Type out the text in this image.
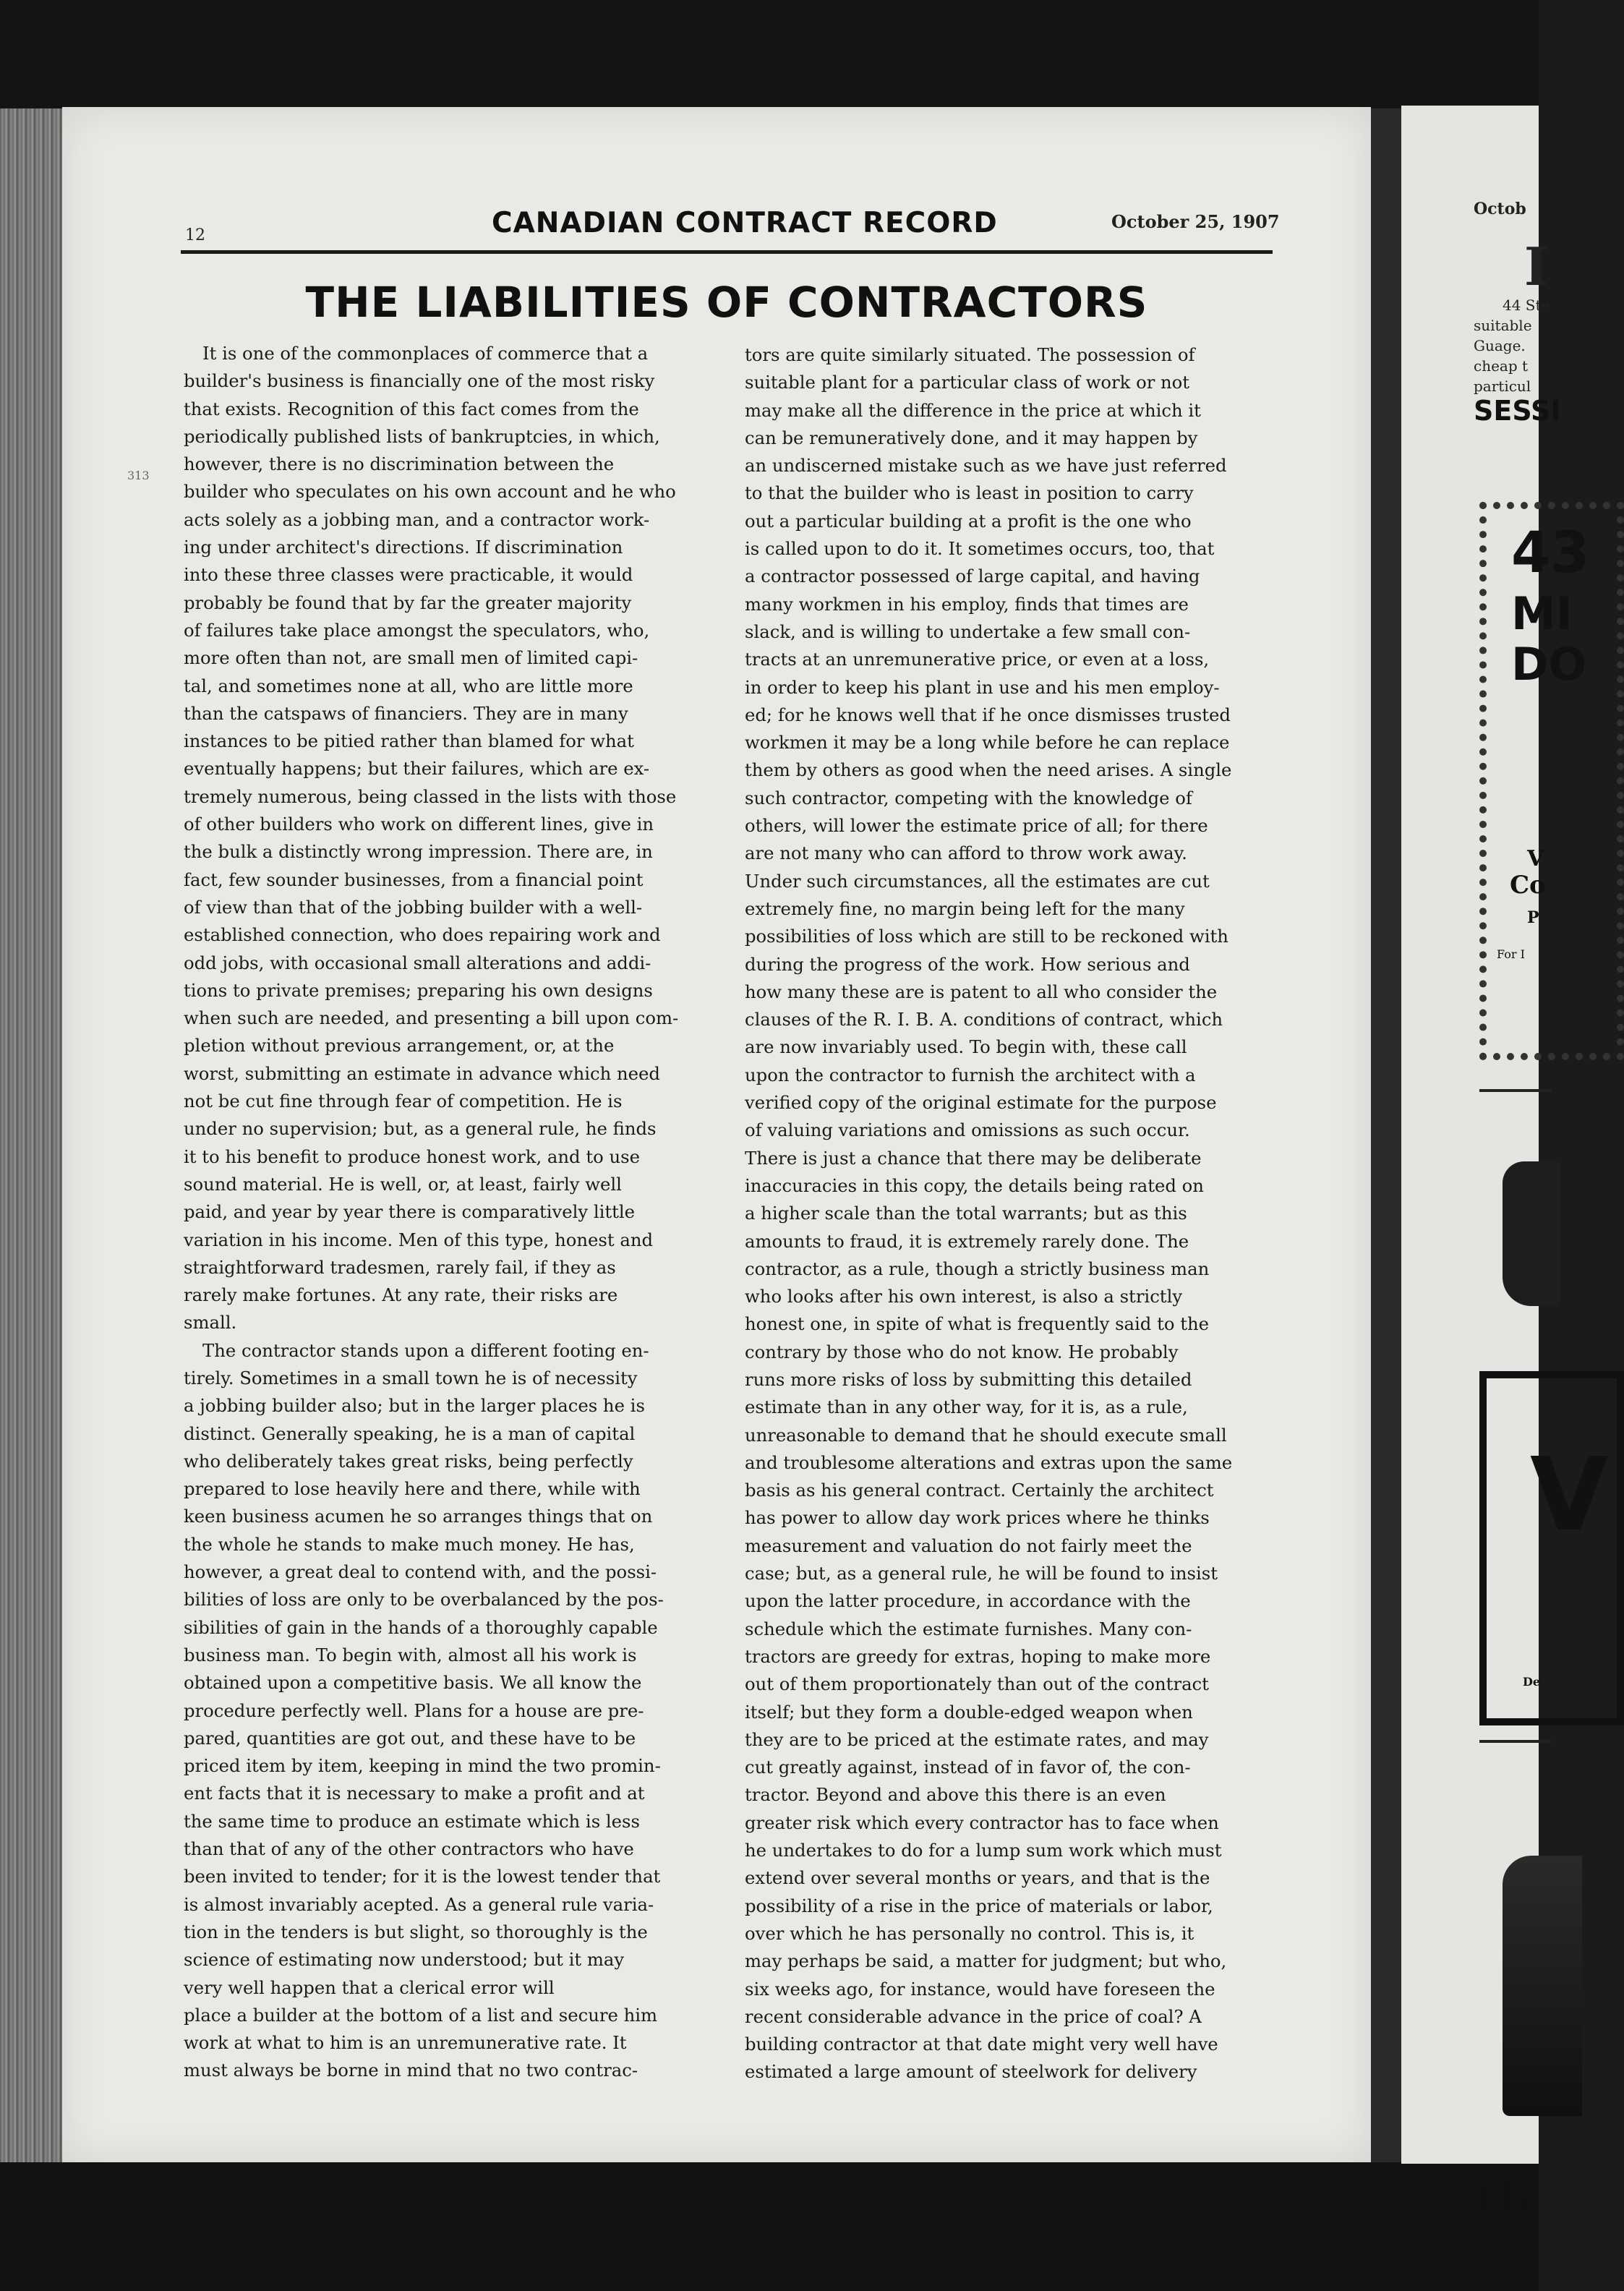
12	CANADIAN CONTRACT RECORD	October 25, 1907
THE LIABILITIES OF CONTRACTORS
313

It is one of the commonplaces of commerce that a
builder's business is financially one of the most risky
that exists. Recognition of this fact comes from the
periodically published lists of bankruptcies, in which,
however, there is no discrimination between the
builder who speculates on his own account and he who
acts solely as a jobbing man, and a contractor work-
ing under architect's directions. If discrimination
into these three classes were practicable, it would
probably be found that by far the greater majority
of failures take place amongst the speculators, who,
more often than not, are small men of limited capi-
tal, and sometimes none at all, who are little more
than the catspaws of financiers. They are in many
instances to be pitied rather than blamed for what
eventually happens; but their failures, which are ex-
tremely numerous, being classed in the lists with those
of other builders who work on different lines, give in
the bulk a distinctly wrong impression. There are, in
fact, few sounder businesses, from a financial point
of view than that of the jobbing builder with a well-
established connection, who does repairing work and
odd jobs, with occasional small alterations and addi-
tions to private premises; preparing his own designs
when such are needed, and presenting a bill upon com-
pletion without previous arrangement, or, at the
worst, submitting an estimate in advance which need
not be cut fine through fear of competition. He is
under no supervision; but, as a general rule, he finds
it to his benefit to produce honest work, and to use
sound material. He is well, or, at least, fairly well
paid, and year by year there is comparatively little
variation in his income. Men of this type, honest and
straightforward tradesmen, rarely fail, if they as
rarely make fortunes. At any rate, their risks are
small.

The contractor stands upon a different footing en-
tirely. Sometimes in a small town he is of necessity
a jobbing builder also; but in the larger places he is
distinct. Generally speaking, he is a man of capital
who deliberately takes great risks, being perfectly
prepared to lose heavily here and there, while with
keen business acumen he so arranges things that on
the whole he stands to make much money. He has,
however, a great deal to contend with, and the possi-
bilities of loss are only to be overbalanced by the pos-
sibilities of gain in the hands of a thoroughly capable
business man. To begin with, almost all his work is
obtained upon a competitive basis. We all know the
procedure perfectly well. Plans for a house are pre-
pared, quantities are got out, and these have to be
priced item by item, keeping in mind the two promin-
ent facts that it is necessary to make a profit and at
the same time to produce an estimate which is less
than that of any of the other contractors who have
been invited to tender; for it is the lowest tender that
is almost invariably acepted. As a general rule varia-
tion in the tenders is but slight, so thoroughly is the
science of estimating now understood; but it may
very well happen that a clerical error will
place a builder at the bottom of a list and secure him
work at what to him is an unremunerative rate. It
must always be borne in mind that no two contrac-

tors are quite similarly situated. The possession of
suitable plant for a particular class of work or not
may make all the difference in the price at which it
can be remuneratively done, and it may happen by
an undiscerned mistake such as we have just referred
to that the builder who is least in position to carry
out a particular building at a profit is the one who
is called upon to do it. It sometimes occurs, too, that
a contractor possessed of large capital, and having
many workmen in his employ, finds that times are
slack, and is willing to undertake a few small con-
tracts at an unremunerative price, or even at a loss,
in order to keep his plant in use and his men employ-
ed; for he knows well that if he once dismisses trusted
workmen it may be a long while before he can replace
them by others as good when the need arises. A single
such contractor, competing with the knowledge of
others, will lower the estimate price of all; for there
are not many who can afford to throw work away.
Under such circumstances, all the estimates are cut
extremely fine, no margin being left for the many
possibilities of loss which are still to be reckoned with
during the progress of the work. How serious and
how many these are is patent to all who consider the
clauses of the R. I. B. A. conditions of contract, which
are now invariably used. To begin with, these call
upon the contractor to furnish the architect with a
verified copy of the original estimate for the purpose
of valuing variations and omissions as such occur.
There is just a chance that there may be deliberate
inaccuracies in this copy, the details being rated on
a higher scale than the total warrants; but as this
amounts to fraud, it is extremely rarely done. The
contractor, as a rule, though a strictly business man
who looks after his own interest, is also a strictly
honest one, in spite of what is frequently said to the
contrary by those who do not know. He probably
runs more risks of loss by submitting this detailed
estimate than in any other way, for it is, as a rule,
unreasonable to demand that he should execute small
and troublesome alterations and extras upon the same
basis as his general contract. Certainly the architect
has power to allow day work prices where he thinks
measurement and valuation do not fairly meet the
case; but, as a general rule, he will be found to insist
upon the latter procedure, in accordance with the
schedule which the estimate furnishes. Many con-
tractors are greedy for extras, hoping to make more
out of them proportionately than out of the contract
itself; but they form a double-edged weapon when
they are to be priced at the estimate rates, and may
cut greatly against, instead of in favor of, the con-
tractor. Beyond and above this there is an even
greater risk which every contractor has to face when
he undertakes to do for a lump sum work which must
extend over several months or years, and that is the
possibility of a rise in the price of materials or labor,
over which he has personally no control. This is, it
may perhaps be said, a matter for judgment; but who,
six weeks ago, for instance, would have foreseen the
recent considerable advance in the price of coal? A
building contractor at that date might very well have
estimated a large amount of steelwork for delivery

Octob
I
44 Ste
suitable
Guage.
cheap t
particul
SESSI
43
MI
DO
V
Co
P
For I
V
De
Th
